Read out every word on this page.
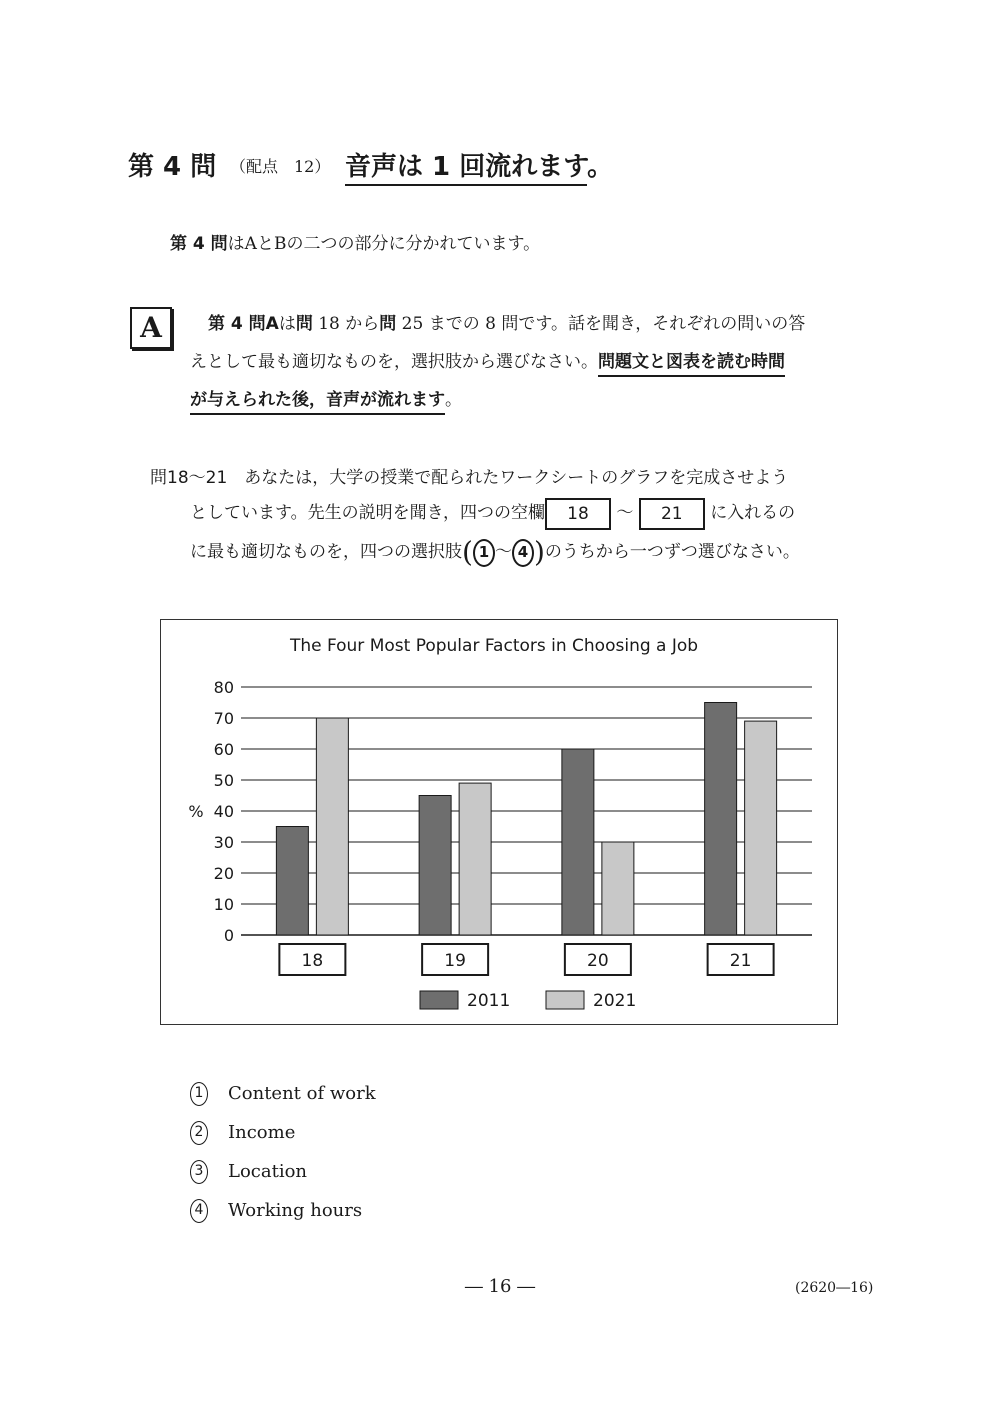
第 4 問 （配点　12） 音声は 1 回流れます。
第 4 問はAとBの二つの部分に分かれています。
A	第 4 問Aは問 18 から問 25 までの 8 問です。話を聞き，それぞれの問いの答
えとして最も適切なものを，選択肢から選びなさい。問題文と図表を読む時間
が与えられた後，音声が流れます。
問18～21　 あなたは，大学の授業で配られたワークシートのグラフを完成させよう
としています。先生の説明を聞き，四つの空欄 18 ～ 21 に入れるの
に最も適切なものを，四つの選択肢( 1 ～ 4 )のうちから一つずつ選びなさい。
The Four Most Popular Factors in Choosing a Job
%
0
10
20
30
40
50
60
70
80
18	19	20	21
2011	2021
1 Content of work
2 Income
3 Location
4 Working hours
― 16 ―	(2620―16)
